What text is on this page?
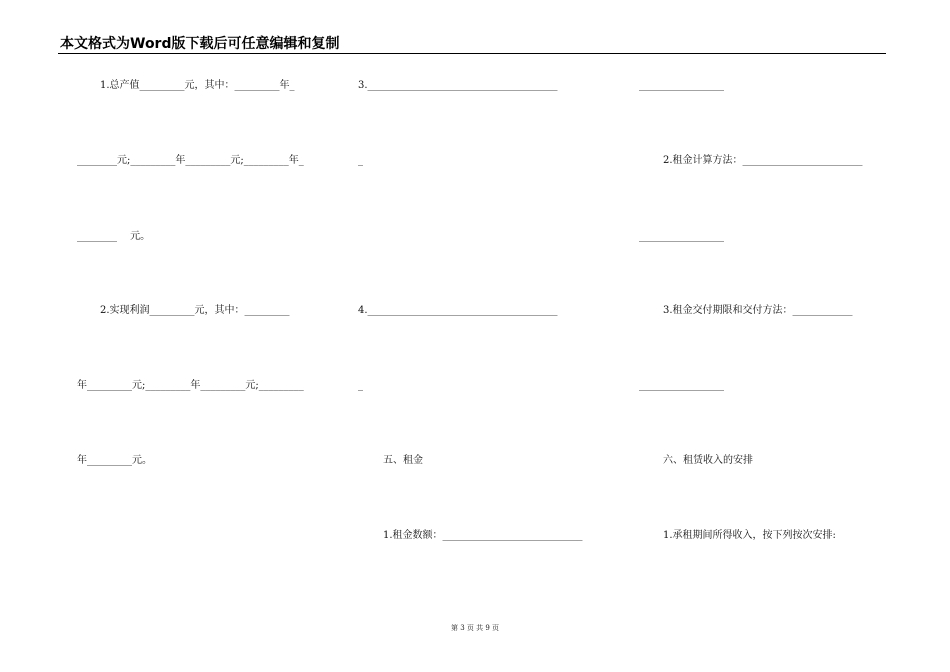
本文格式为Word版下载后可任意编辑和复制
1.总产值_________元，其中：_________年_
________元;_________年_________元;_________年_
________　 元。
2.实现利润_________元，其中：_________
年_________元;_________年_________元;_________
年_________元。
3.______________________________________
_
4.______________________________________
_
五、租金
1.租金数额：____________________________
_________________
2.租金计算方法：________________________
_________________
3.租金交付期限和交付方法：____________
_________________
六、租赁收入的安排
1.承租期间所得收入，按下列按次安排:
第 3 页 共 9 页
